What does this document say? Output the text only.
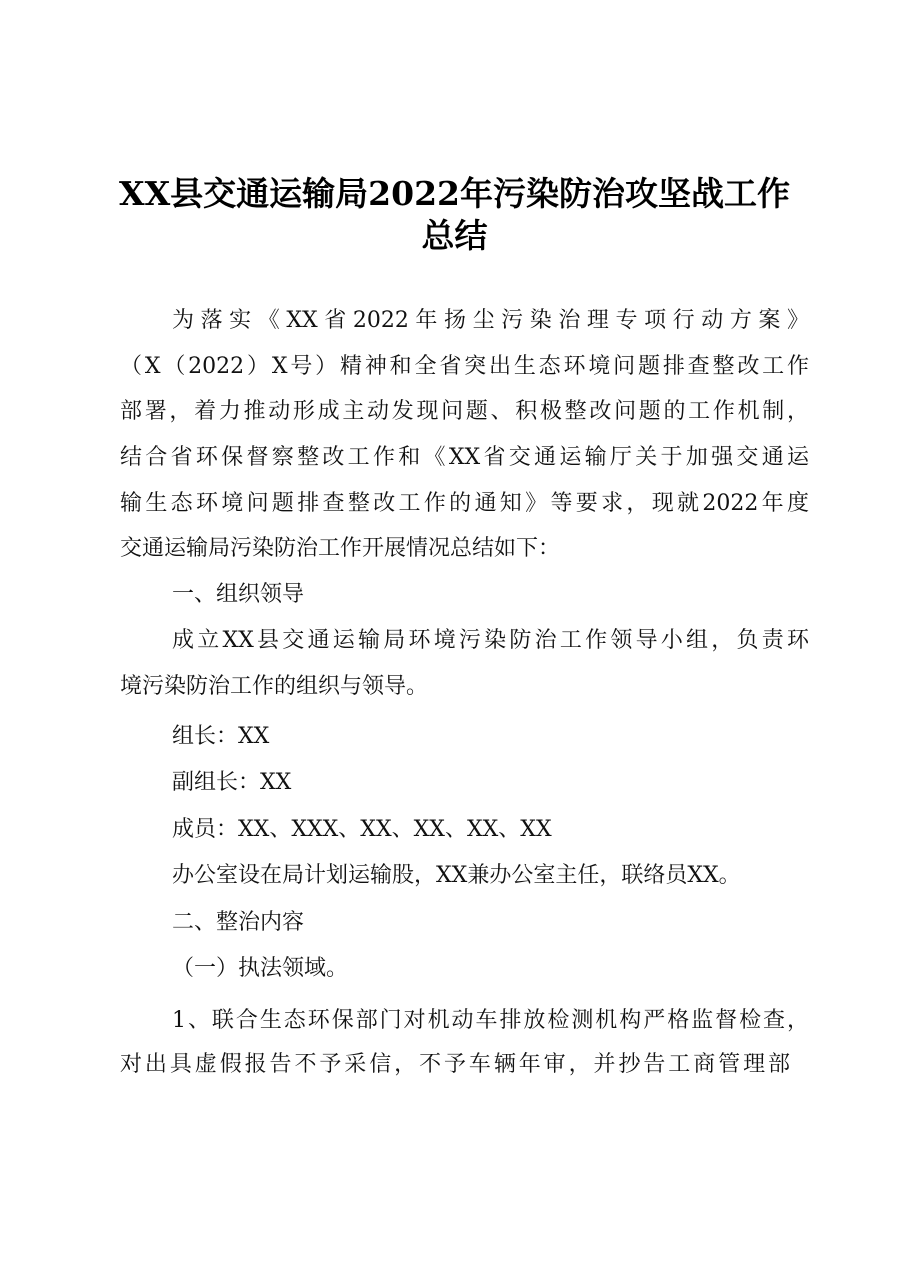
XX县交通运输局2022年污染防治攻坚战工作
总结
为落实《XX省2022年扬尘污染治理专项行动方案》
（X（2022）X号）精神和全省突出生态环境问题排查整改工作
部署，着力推动形成主动发现问题、积极整改问题的工作机制，
结合省环保督察整改工作和《XX省交通运输厅关于加强交通运
输生态环境问题排查整改工作的通知》等要求，现就2022年度
交通运输局污染防治工作开展情况总结如下：
一、组织领导
成立XX县交通运输局环境污染防治工作领导小组，负责环
境污染防治工作的组织与领导。
组长：XX
副组长：XX
成员：XX、XXX、XX、XX、XX、XX
办公室设在局计划运输股，XX兼办公室主任，联络员XX。
二、整治内容
（一）执法领域。
1、联合生态环保部门对机动车排放检测机构严格监督检查，
对出具虚假报告不予采信，不予车辆年审，并抄告工商管理部
